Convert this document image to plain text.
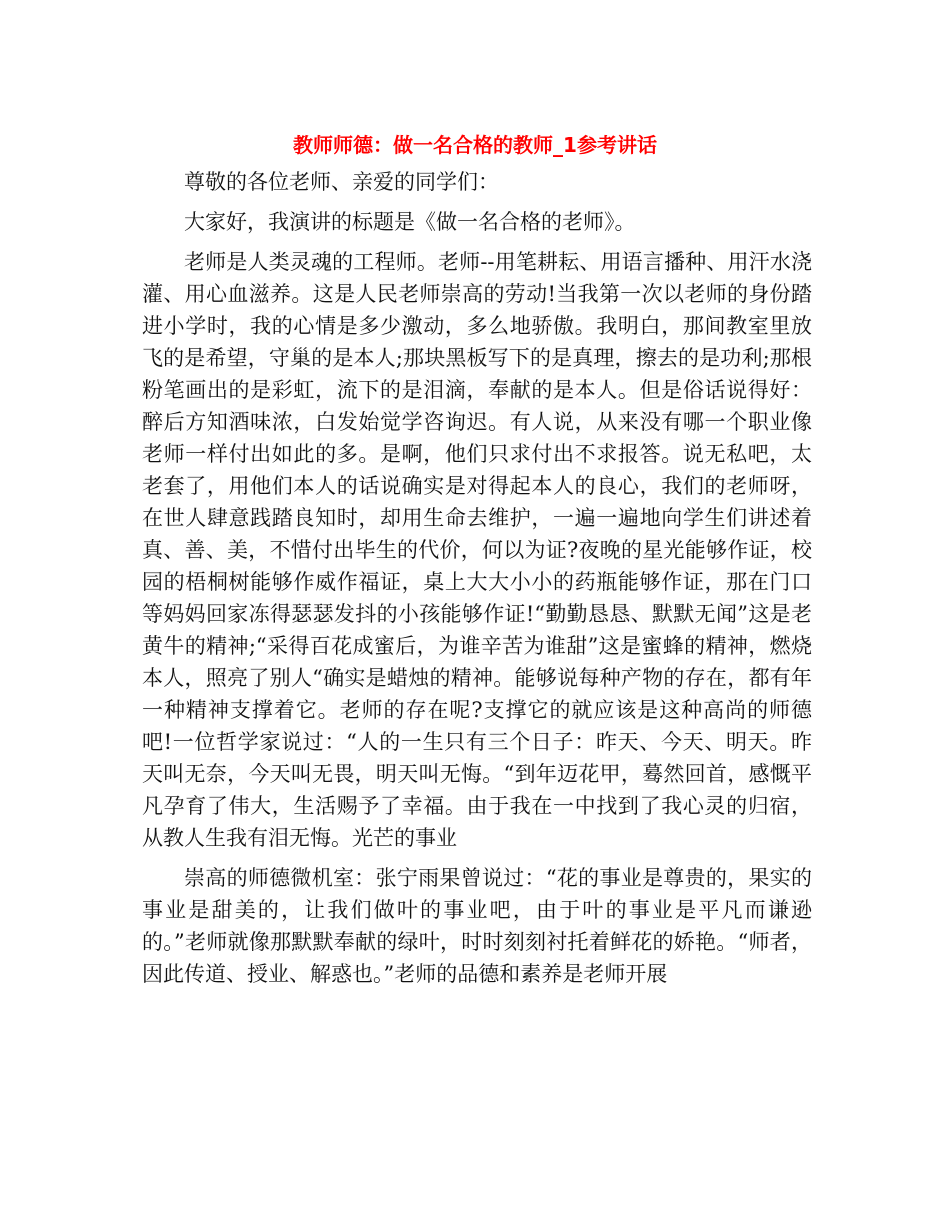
教师师德：做一名合格的教师_1参考讲话

尊敬的各位老师、亲爱的同学们：

大家好，我演讲的标题是《做一名合格的老师》。

老师是人类灵魂的工程师。老师--用笔耕耘、用语言播种、用汗水浇灌、用心血滋养。这是人民老师崇高的劳动!当我第一次以老师的身份踏进小学时，我的心情是多少激动，多么地骄傲。我明白，那间教室里放飞的是希望，守巢的是本人;那块黑板写下的是真理，擦去的是功利;那根粉笔画出的是彩虹，流下的是泪滴，奉献的是本人。但是俗话说得好：醉后方知酒味浓，白发始觉学咨询迟。有人说，从来没有哪一个职业像老师一样付出如此的多。是啊，他们只求付出不求报答。说无私吧，太老套了，用他们本人的话说确实是对得起本人的良心，我们的老师呀，在世人肆意践踏良知时，却用生命去维护，一遍一遍地向学生们讲述着真、善、美，不惜付出毕生的代价，何以为证?夜晚的星光能够作证，校园的梧桐树能够作威作福证，桌上大大小小的药瓶能够作证，那在门口等妈妈回家冻得瑟瑟发抖的小孩能够作证!“勤勤恳恳、默默无闻”这是老黄牛的精神;“采得百花成蜜后，为谁辛苦为谁甜”这是蜜蜂的精神，燃烧本人，照亮了别人“确实是蜡烛的精神。能够说每种产物的存在，都有年一种精神支撑着它。老师的存在呢?支撑它的就应该是这种高尚的师德吧!一位哲学家说过：“人的一生只有三个日子：昨天、今天、明天。昨天叫无奈，今天叫无畏，明天叫无悔。“到年迈花甲，蓦然回首，感慨平凡孕育了伟大，生活赐予了幸福。由于我在一中找到了我心灵的归宿，从教人生我有泪无悔。光芒的事业

崇高的师德微机室：张宁雨果曾说过：“花的事业是尊贵的，果实的事业是甜美的，让我们做叶的事业吧，由于叶的事业是平凡而谦逊的。”老师就像那默默奉献的绿叶，时时刻刻衬托着鲜花的娇艳。“师者，因此传道、授业、解惑也。”老师的品德和素养是老师开展
